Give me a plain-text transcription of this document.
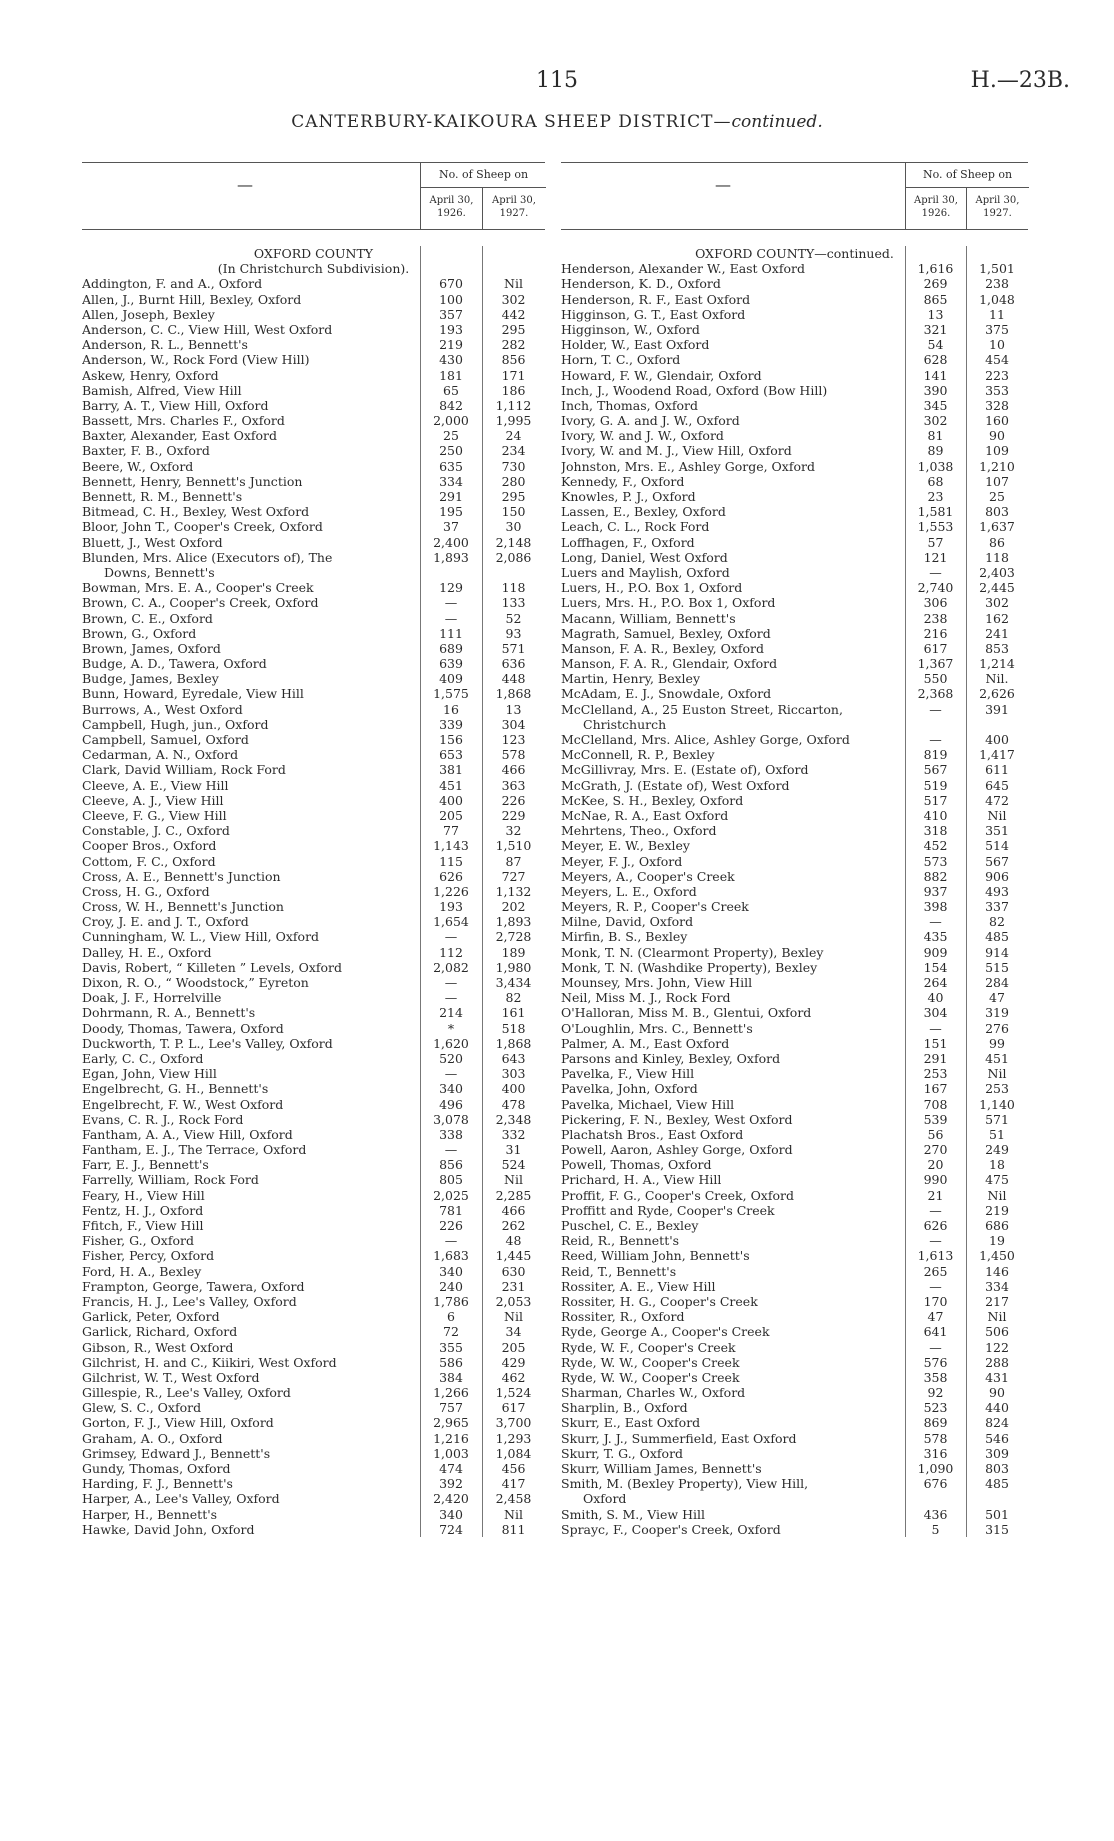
115	H.—23B.
CANTERBURY-KAIKOURA SHEEP DISTRICT—continued.
—
No. of Sheep on
April 30, 1926.
April 30, 1927.
OXFORD COUNTY
(In Christchurch Subdivision).
Addington, F. and A., Oxford	670	Nil
Allen, J., Burnt Hill, Bexley, Oxford	100	302
Allen, Joseph, Bexley	357	442
Anderson, C. C., View Hill, West Oxford	193	295
Anderson, R. L., Bennett's	219	282
Anderson, W., Rock Ford (View Hill)	430	856
Askew, Henry, Oxford	181	171
Bamish, Alfred, View Hill	65	186
Barry, A. T., View Hill, Oxford	842	1,112
Bassett, Mrs. Charles F., Oxford	2,000	1,995
Baxter, Alexander, East Oxford	25	24
Baxter, F. B., Oxford	250	234
Beere, W., Oxford	635	730
Bennett, Henry, Bennett's Junction	334	280
Bennett, R. M., Bennett's	291	295
Bitmead, C. H., Bexley, West Oxford	195	150
Bloor, John T., Cooper's Creek, Oxford	37	30
Bluett, J., West Oxford	2,400	2,148
Blunden, Mrs. Alice (Executors of), The	1,893	2,086
Downs, Bennett's
Bowman, Mrs. E. A., Cooper's Creek	129	118
Brown, C. A., Cooper's Creek, Oxford	—	133
Brown, C. E., Oxford	—	52
Brown, G., Oxford	111	93
Brown, James, Oxford	689	571
Budge, A. D., Tawera, Oxford	639	636
Budge, James, Bexley	409	448
Bunn, Howard, Eyredale, View Hill	1,575	1,868
Burrows, A., West Oxford	16	13
Campbell, Hugh, jun., Oxford	339	304
Campbell, Samuel, Oxford	156	123
Cedarman, A. N., Oxford	653	578
Clark, David William, Rock Ford	381	466
Cleeve, A. E., View Hill	451	363
Cleeve, A. J., View Hill	400	226
Cleeve, F. G., View Hill	205	229
Constable, J. C., Oxford	77	32
Cooper Bros., Oxford	1,143	1,510
Cottom, F. C., Oxford	115	87
Cross, A. E., Bennett's Junction	626	727
Cross, H. G., Oxford	1,226	1,132
Cross, W. H., Bennett's Junction	193	202
Croy, J. E. and J. T., Oxford	1,654	1,893
Cunningham, W. L., View Hill, Oxford	—	2,728
Dalley, H. E., Oxford	112	189
Davis, Robert, “ Killeten ” Levels, Oxford	2,082	1,980
Dixon, R. O., “ Woodstock,” Eyreton	—	3,434
Doak, J. F., Horrelville	—	82
Dohrmann, R. A., Bennett's	214	161
Doody, Thomas, Tawera, Oxford	*	518
Duckworth, T. P. L., Lee's Valley, Oxford	1,620	1,868
Early, C. C., Oxford	520	643
Egan, John, View Hill	—	303
Engelbrecht, G. H., Bennett's	340	400
Engelbrecht, F. W., West Oxford	496	478
Evans, C. R. J., Rock Ford	3,078	2,348
Fantham, A. A., View Hill, Oxford	338	332
Fantham, E. J., The Terrace, Oxford	—	31
Farr, E. J., Bennett's	856	524
Farrelly, William, Rock Ford	805	Nil
Feary, H., View Hill	2,025	2,285
Fentz, H. J., Oxford	781	466
Ffitch, F., View Hill	226	262
Fisher, G., Oxford	—	48
Fisher, Percy, Oxford	1,683	1,445
Ford, H. A., Bexley	340	630
Frampton, George, Tawera, Oxford	240	231
Francis, H. J., Lee's Valley, Oxford	1,786	2,053
Garlick, Peter, Oxford	6	Nil
Garlick, Richard, Oxford	72	34
Gibson, R., West Oxford	355	205
Gilchrist, H. and C., Kiikiri, West Oxford	586	429
Gilchrist, W. T., West Oxford	384	462
Gillespie, R., Lee's Valley, Oxford	1,266	1,524
Glew, S. C., Oxford	757	617
Gorton, F. J., View Hill, Oxford	2,965	3,700
Graham, A. O., Oxford	1,216	1,293
Grimsey, Edward J., Bennett's	1,003	1,084
Gundy, Thomas, Oxford	474	456
Harding, F. J., Bennett's	392	417
Harper, A., Lee's Valley, Oxford	2,420	2,458
Harper, H., Bennett's	340	Nil
Hawke, David John, Oxford	724	811
—
No. of Sheep on
April 30, 1926.
April 30, 1927.
OXFORD COUNTY—continued.
Henderson, Alexander W., East Oxford	1,616	1,501
Henderson, K. D., Oxford	269	238
Henderson, R. F., East Oxford	865	1,048
Higginson, G. T., East Oxford	13	11
Higginson, W., Oxford	321	375
Holder, W., East Oxford	54	10
Horn, T. C., Oxford	628	454
Howard, F. W., Glendair, Oxford	141	223
Inch, J., Woodend Road, Oxford (Bow Hill)	390	353
Inch, Thomas, Oxford	345	328
Ivory, G. A. and J. W., Oxford	302	160
Ivory, W. and J. W., Oxford	81	90
Ivory, W. and M. J., View Hill, Oxford	89	109
Johnston, Mrs. E., Ashley Gorge, Oxford	1,038	1,210
Kennedy, F., Oxford	68	107
Knowles, P. J., Oxford	23	25
Lassen, E., Bexley, Oxford	1,581	803
Leach, C. L., Rock Ford	1,553	1,637
Loffhagen, F., Oxford	57	86
Long, Daniel, West Oxford	121	118
Luers and Maylish, Oxford	—	2,403
Luers, H., P.O. Box 1, Oxford	2,740	2,445
Luers, Mrs. H., P.O. Box 1, Oxford	306	302
Macann, William, Bennett's	238	162
Magrath, Samuel, Bexley, Oxford	216	241
Manson, F. A. R., Bexley, Oxford	617	853
Manson, F. A. R., Glendair, Oxford	1,367	1,214
Martin, Henry, Bexley	550	Nil.
McAdam, E. J., Snowdale, Oxford	2,368	2,626
McClelland, A., 25 Euston Street, Riccarton,	—	391
Christchurch
McClelland, Mrs. Alice, Ashley Gorge, Oxford	—	400
McConnell, R. P., Bexley	819	1,417
McGillivray, Mrs. E. (Estate of), Oxford	567	611
McGrath, J. (Estate of), West Oxford	519	645
McKee, S. H., Bexley, Oxford	517	472
McNae, R. A., East Oxford	410	Nil
Mehrtens, Theo., Oxford	318	351
Meyer, E. W., Bexley	452	514
Meyer, F. J., Oxford	573	567
Meyers, A., Cooper's Creek	882	906
Meyers, L. E., Oxford	937	493
Meyers, R. P., Cooper's Creek	398	337
Milne, David, Oxford	—	82
Mirfin, B. S., Bexley	435	485
Monk, T. N. (Clearmont Property), Bexley	909	914
Monk, T. N. (Washdike Property), Bexley	154	515
Mounsey, Mrs. John, View Hill	264	284
Neil, Miss M. J., Rock Ford	40	47
O'Halloran, Miss M. B., Glentui, Oxford	304	319
O'Loughlin, Mrs. C., Bennett's	—	276
Palmer, A. M., East Oxford	151	99
Parsons and Kinley, Bexley, Oxford	291	451
Pavelka, F., View Hill	253	Nil
Pavelka, John, Oxford	167	253
Pavelka, Michael, View Hill	708	1,140
Pickering, F. N., Bexley, West Oxford	539	571
Plachatsh Bros., East Oxford	56	51
Powell, Aaron, Ashley Gorge, Oxford	270	249
Powell, Thomas, Oxford	20	18
Prichard, H. A., View Hill	990	475
Proffit, F. G., Cooper's Creek, Oxford	21	Nil
Proffitt and Ryde, Cooper's Creek	—	219
Puschel, C. E., Bexley	626	686
Reid, R., Bennett's	—	19
Reed, William John, Bennett's	1,613	1,450
Reid, T., Bennett's	265	146
Rossiter, A. E., View Hill	—	334
Rossiter, H. G., Cooper's Creek	170	217
Rossiter, R., Oxford	47	Nil
Ryde, George A., Cooper's Creek	641	506
Ryde, W. F., Cooper's Creek	—	122
Ryde, W. W., Cooper's Creek	576	288
Ryde, W. W., Cooper's Creek	358	431
Sharman, Charles W., Oxford	92	90
Sharplin, B., Oxford	523	440
Skurr, E., East Oxford	869	824
Skurr, J. J., Summerfield, East Oxford	578	546
Skurr, T. G., Oxford	316	309
Skurr, William James, Bennett's	1,090	803
Smith, M. (Bexley Property), View Hill,	676	485
Oxford
Smith, S. M., View Hill	436	501
Sprayc, F., Cooper's Creek, Oxford	5	315
